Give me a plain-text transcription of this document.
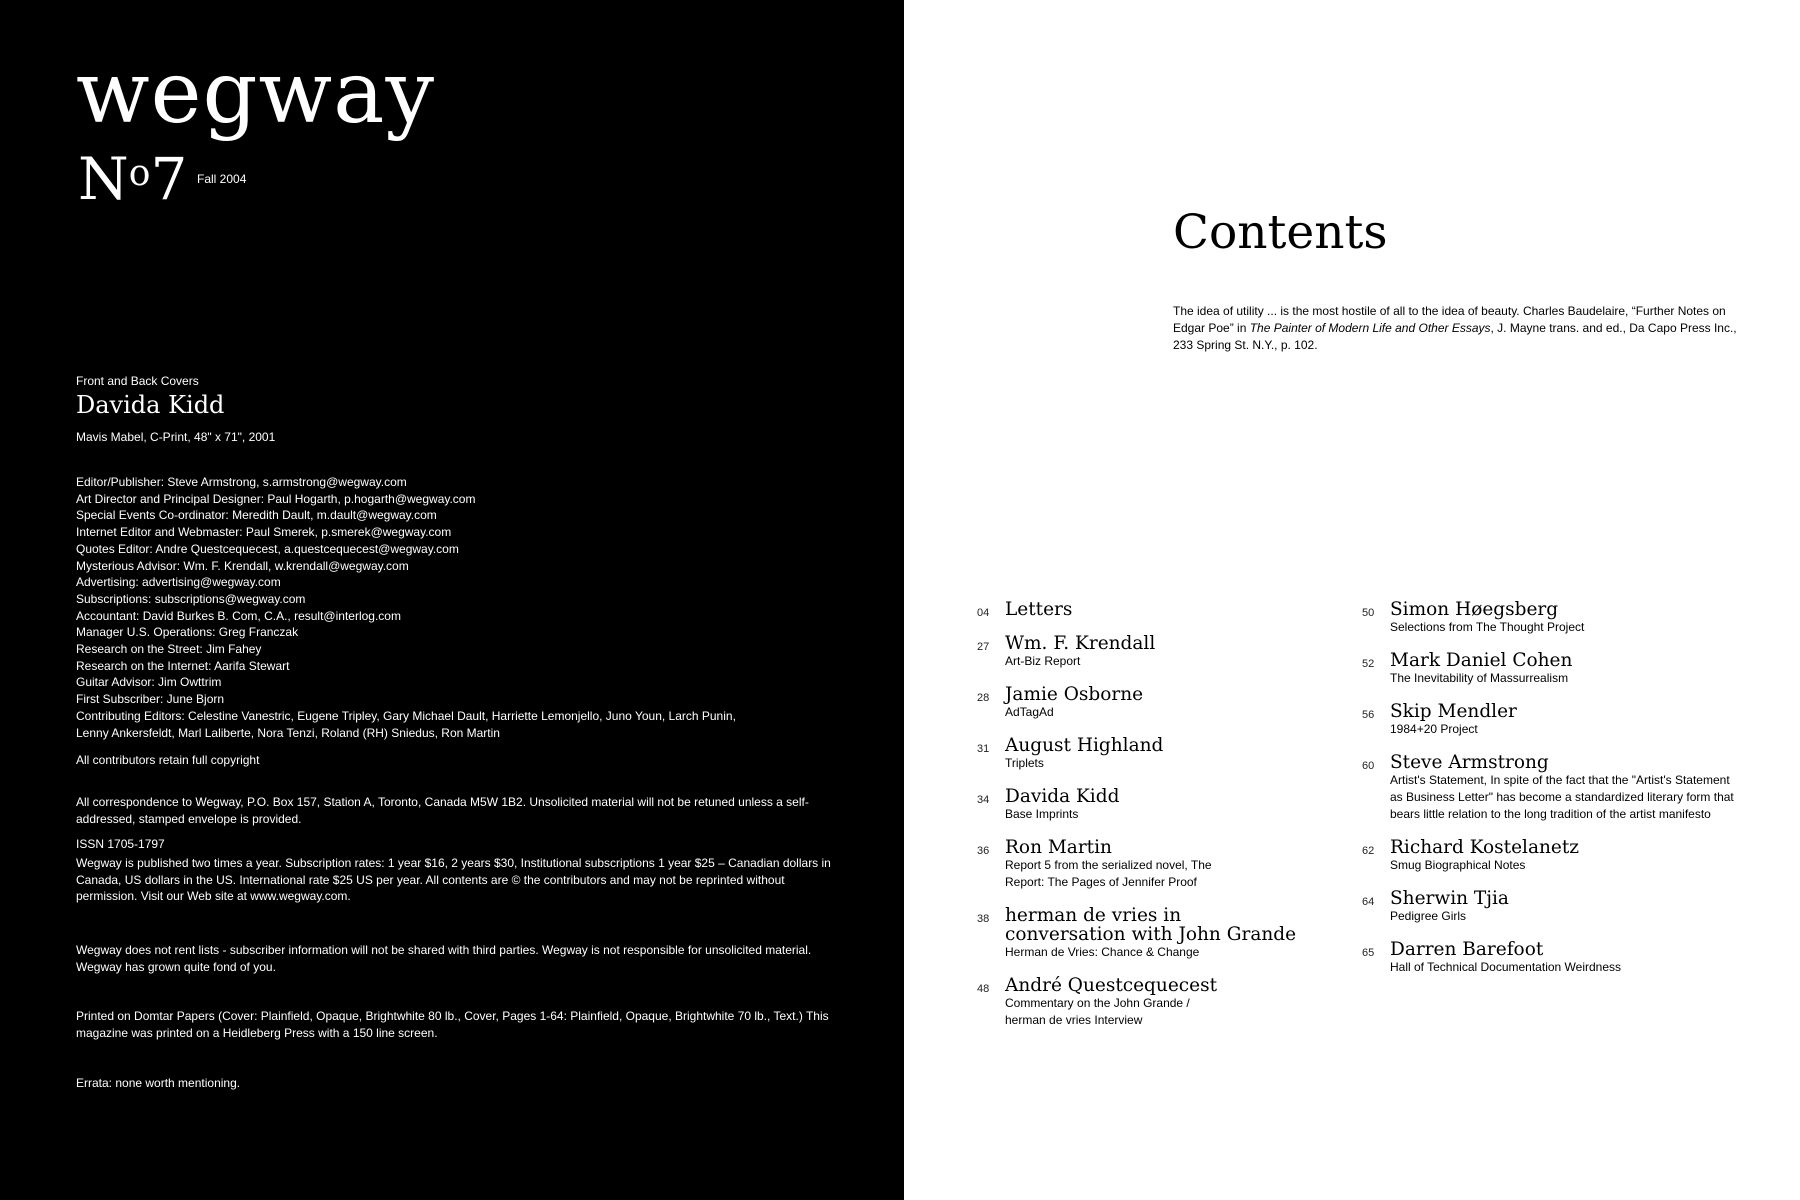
wegway
$N^o7$ Fall 2004
Front and Back Covers
Davida Kidd
Mavis Mabel, C-Print, 48" x 71", 2001
Editor/Publisher: Steve Armstrong, s.armstrong@wegway.com
Art Director and Principal Designer: Paul Hogarth, p.hogarth@wegway.com
Special Events Co-ordinator: Meredith Dault, m.dault@wegway.com
Internet Editor and Webmaster: Paul Smerek, p.smerek@wegway.com
Quotes Editor: Andre Questcequecest, a.questcequecest@wegway.com
Mysterious Advisor: Wm. F. Krendall, w.krendall@wegway.com
Advertising: advertising@wegway.com
Subscriptions: subscriptions@wegway.com
Accountant: David Burkes B. Com, C.A., result@interlog.com
Manager U.S. Operations: Greg Franczak
Research on the Street: Jim Fahey
Research on the Internet: Aarifa Stewart
Guitar Advisor: Jim Owttrim
First Subscriber: June Bjorn
Contributing Editors: Celestine Vanestric, Eugene Tripley, Gary Michael Dault, Harriette Lemonjello, Juno Youn, Larch Punin,
Lenny Ankersfeldt, Marl Laliberte, Nora Tenzi, Roland (RH) Sniedus, Ron Martin
All contributors retain full copyright
All correspondence to Wegway, P.O. Box 157, Station A, Toronto, Canada M5W 1B2. Unsolicited material will not be retuned unless a self-addressed, stamped envelope is provided.
ISSN 1705-1797
Wegway is published two times a year. Subscription rates: 1 year $16, 2 years $30, Institutional subscriptions 1 year $25 – Canadian dollars in Canada, US dollars in the US. International rate $25 US per year. All contents are © the contributors and may not be reprinted without permission. Visit our Web site at www.wegway.com.
Wegway does not rent lists - subscriber information will not be shared with third parties. Wegway is not responsible for unsolicited material. Wegway has grown quite fond of you.
Printed on Domtar Papers (Cover: Plainfield, Opaque, Brightwhite 80 lb., Cover, Pages 1-64: Plainfield, Opaque, Brightwhite 70 lb., Text.) This magazine was printed on a Heidleberg Press with a 150 line screen.
Errata: none worth mentioning.
Contents
The idea of utility ... is the most hostile of all to the idea of beauty. Charles Baudelaire, “Further Notes on Edgar Poe” in The Painter of Modern Life and Other Essays, J. Mayne trans. and ed., Da Capo Press Inc., 233 Spring St. N.Y., p. 102.
04 Letters
27 Wm. F. Krendall
Art-Biz Report
28 Jamie Osborne
AdTagAd
31 August Highland
Triplets
34 Davida Kidd
Base Imprints
36 Ron Martin
Report 5 from the serialized novel, The Report: The Pages of Jennifer Proof
38 herman de vries in conversation with John Grande
Herman de Vries: Chance & Change
48 André Questcequecest
Commentary on the John Grande / herman de vries Interview
50 Simon Høegsberg
Selections from The Thought Project
52 Mark Daniel Cohen
The Inevitability of Massurrealism
56 Skip Mendler
1984+20 Project
60 Steve Armstrong
Artist's Statement, In spite of the fact that the "Artist's Statement as Business Letter" has become a standardized literary form that bears little relation to the long tradition of the artist manifesto
62 Richard Kostelanetz
Smug Biographical Notes
64 Sherwin Tjia
Pedigree Girls
65 Darren Barefoot
Hall of Technical Documentation Weirdness
